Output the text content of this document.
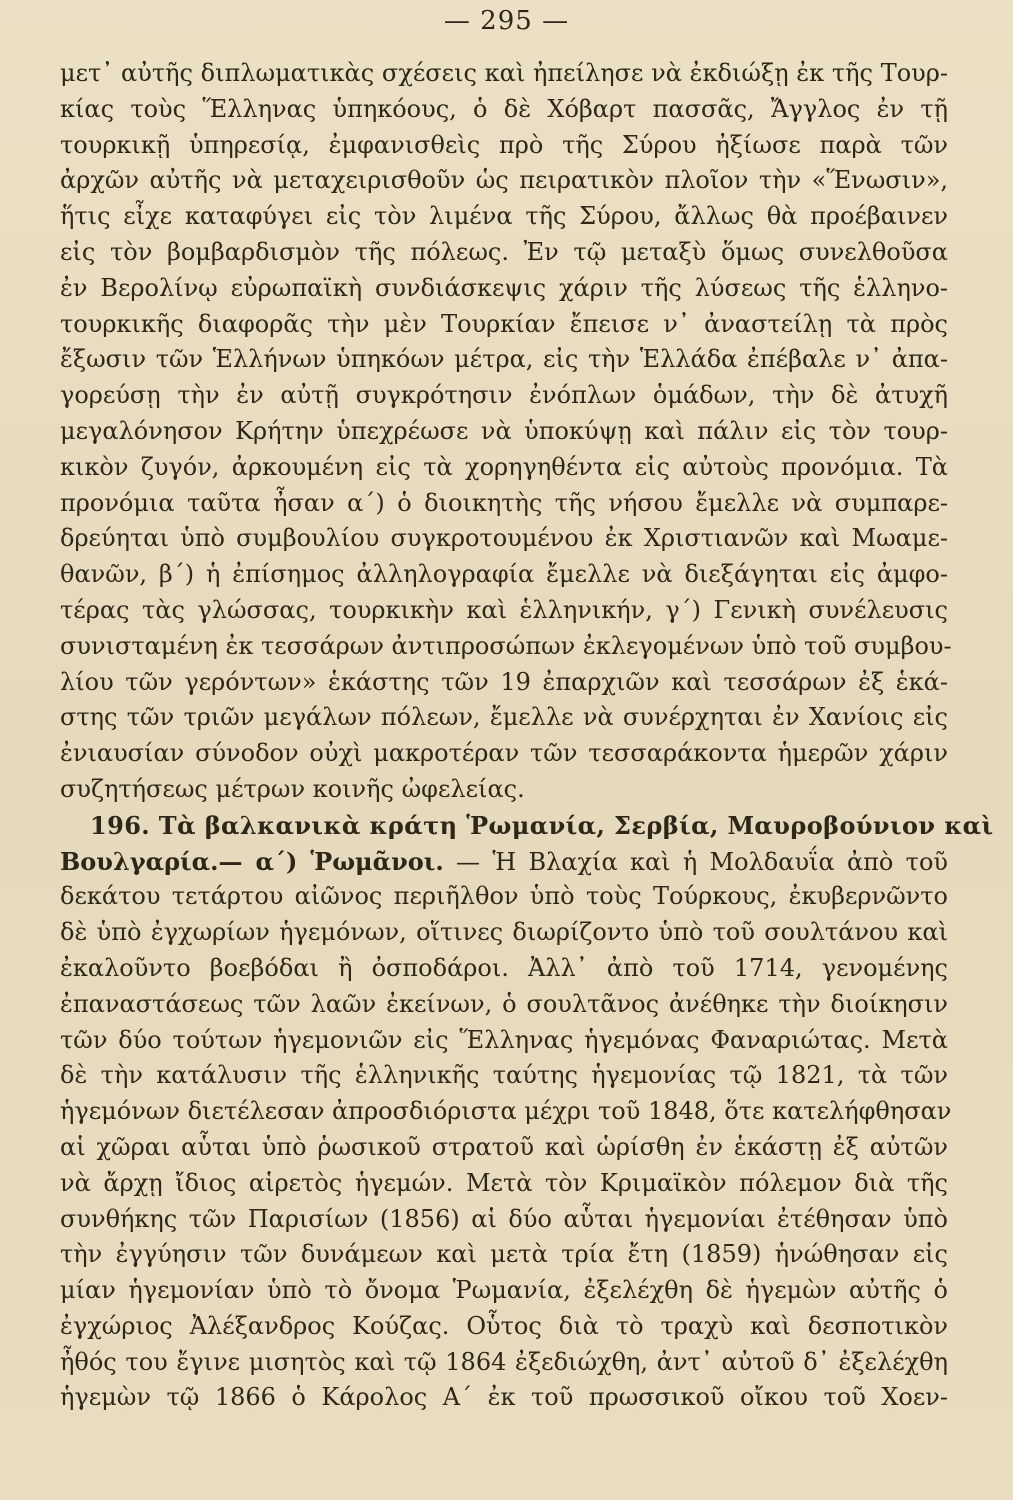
— 295 —
μετ᾽ αὐτῆς διπλωματικὰς σχέσεις καὶ ἠπείλησε νὰ ἐκδιώξῃ ἐκ τῆς Τουρ-
κίας τοὺς Ἕλληνας ὑπηκόους, ὁ δὲ Χόβαρτ πασσᾶς, Ἄγγλος ἐν τῇ
τουρκικῇ ὑπηρεσίᾳ, ἐμφανισθεὶς πρὸ τῆς Σύρου ἠξίωσε παρὰ τῶν
ἀρχῶν αὐτῆς νὰ μεταχειρισθοῦν ὡς πειρατικὸν πλοῖον τὴν «Ἕνωσιν»,
ἥτις εἶχε καταφύγει εἰς τὸν λιμένα τῆς Σύρου, ἄλλως θὰ προέβαινεν
εἰς τὸν βομβαρδισμὸν τῆς πόλεως. Ἐν τῷ μεταξὺ ὅμως συνελθοῦσα
ἐν Βερολίνῳ εὐρωπαϊκὴ συνδιάσκεψις χάριν τῆς λύσεως τῆς ἑλληνο-
τουρκικῆς διαφορᾶς τὴν μὲν Τουρκίαν ἔπεισε ν᾽ ἀναστείλῃ τὰ πρὸς
ἔξωσιν τῶν Ἑλλήνων ὑπηκόων μέτρα, εἰς τὴν Ἑλλάδα ἐπέβαλε ν᾽ ἀπα-
γορεύσῃ τὴν ἐν αὐτῇ συγκρότησιν ἐνόπλων ὁμάδων, τὴν δὲ ἀτυχῆ
μεγαλόνησον Κρήτην ὑπεχρέωσε νὰ ὑποκύψῃ καὶ πάλιν εἰς τὸν τουρ-
κικὸν ζυγόν, ἀρκουμένη εἰς τὰ χορηγηθέντα εἰς αὐτοὺς προνόμια. Τὰ
προνόμια ταῦτα ἦσαν α΄) ὁ διοικητὴς τῆς νήσου ἔμελλε νὰ συμπαρε-
δρεύηται ὑπὸ συμβουλίου συγκροτουμένου ἐκ Χριστιανῶν καὶ Μωαμε-
θανῶν, β΄) ἡ ἐπίσημος ἀλληλογραφία ἔμελλε νὰ διεξάγηται εἰς ἀμφο-
τέρας τὰς γλώσσας, τουρκικὴν καὶ ἑλληνικήν, γ΄) Γενικὴ συνέλευσις
συνισταμένη ἐκ τεσσάρων ἀντιπροσώπων ἐκλεγομένων ὑπὸ τοῦ συμβου-
λίου τῶν γερόντων» ἑκάστης τῶν 19 ἐπαρχιῶν καὶ τεσσάρων ἐξ ἑκά-
στης τῶν τριῶν μεγάλων πόλεων, ἔμελλε νὰ συνέρχηται ἐν Χανίοις εἰς
ἐνιαυσίαν σύνοδον οὐχὶ μακροτέραν τῶν τεσσαράκοντα ἡμερῶν χάριν
συζητήσεως μέτρων κοινῆς ὠφελείας.
196. Τὰ βαλκανικὰ κράτη Ῥωμανία, Σερβία, Μαυροβούνιον καὶ
Βουλγαρία.— α΄) Ῥωμᾶνοι. — Ἡ Βλαχία καὶ ἡ Μολδαυΐα ἀπὸ τοῦ
δεκάτου τετάρτου αἰῶνος περιῆλθον ὑπὸ τοὺς Τούρκους, ἐκυβερνῶντο
δὲ ὑπὸ ἐγχωρίων ἡγεμόνων, οἵτινες διωρίζοντο ὑπὸ τοῦ σουλτάνου καὶ
ἐκαλοῦντο βοεβόδαι ἢ ὀσποδάροι. Ἀλλ᾽ ἀπὸ τοῦ 1714, γενομένης
ἐπαναστάσεως τῶν λαῶν ἐκείνων, ὁ σουλτᾶνος ἀνέθηκε τὴν διοίκησιν
τῶν δύο τούτων ἡγεμονιῶν εἰς Ἕλληνας ἡγεμόνας Φαναριώτας. Μετὰ
δὲ τὴν κατάλυσιν τῆς ἑλληνικῆς ταύτης ἡγεμονίας τῷ 1821, τὰ τῶν
ἡγεμόνων διετέλεσαν ἀπροσδιόριστα μέχρι τοῦ 1848, ὅτε κατελήφθησαν
αἱ χῶραι αὗται ὑπὸ ῥωσικοῦ στρατοῦ καὶ ὡρίσθη ἐν ἑκάστῃ ἐξ αὐτῶν
νὰ ἄρχῃ ἴδιος αἱρετὸς ἡγεμών. Μετὰ τὸν Κριμαϊκὸν πόλεμον διὰ τῆς
συνθήκης τῶν Παρισίων (1856) αἱ δύο αὗται ἡγεμονίαι ἐτέθησαν ὑπὸ
τὴν ἐγγύησιν τῶν δυνάμεων καὶ μετὰ τρία ἔτη (1859) ἡνώθησαν εἰς
μίαν ἡγεμονίαν ὑπὸ τὸ ὄνομα Ῥωμανία, ἐξελέχθη δὲ ἡγεμὼν αὐτῆς ὁ
ἐγχώριος Ἀλέξανδρος Κούζας. Οὗτος διὰ τὸ τραχὺ καὶ δεσποτικὸν
ἦθός του ἔγινε μισητὸς καὶ τῷ 1864 ἐξεδιώχθη, ἀντ᾽ αὐτοῦ δ᾽ ἐξελέχθη
ἡγεμὼν τῷ 1866 ὁ Κάρολος Α΄ ἐκ τοῦ πρωσσικοῦ οἴκου τοῦ Χοεν-
